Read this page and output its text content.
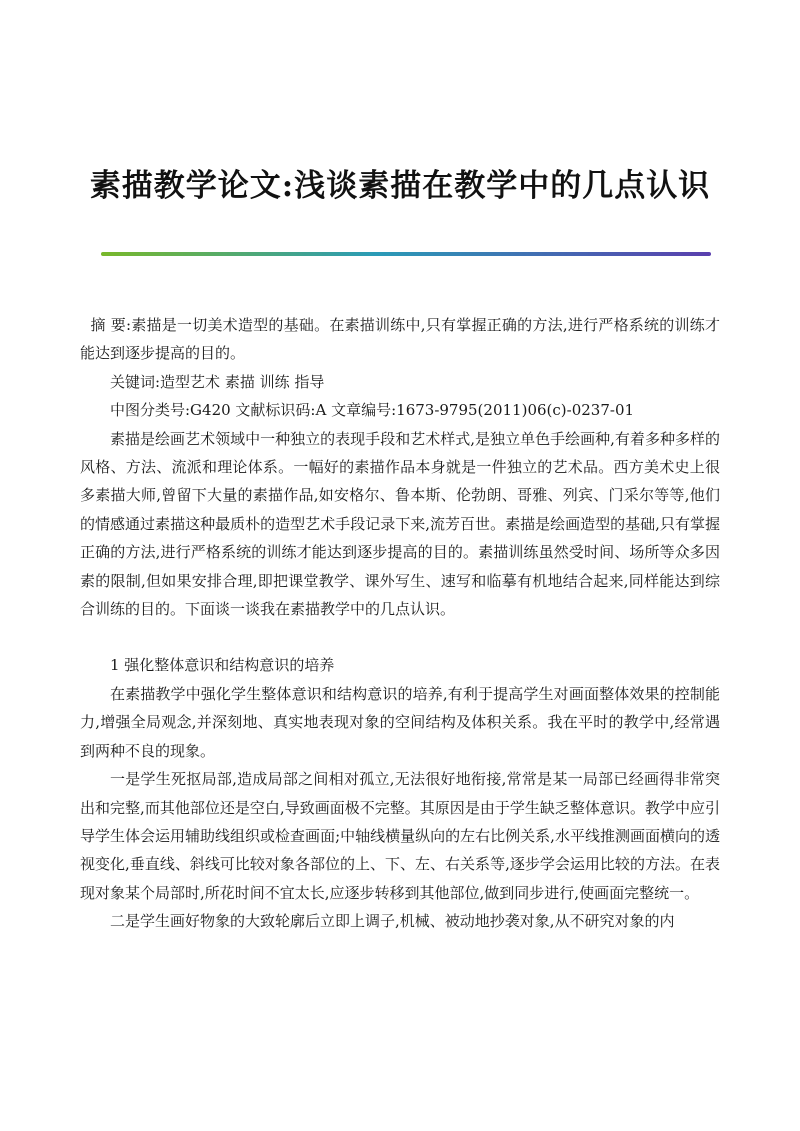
素描教学论文:浅谈素描在教学中的几点认识

摘 要:素描是一切美术造型的基础。在素描训练中,只有掌握正确的方法,进行严格系统的训练才能达到逐步提高的目的。

关键词:造型艺术 素描 训练 指导

中图分类号:G420 文献标识码:A 文章编号:1673-9795(2011)06(c)-0237-01

素描是绘画艺术领域中一种独立的表现手段和艺术样式,是独立单色手绘画种,有着多种多样的风格、方法、流派和理论体系。一幅好的素描作品本身就是一件独立的艺术品。西方美术史上很多素描大师,曾留下大量的素描作品,如安格尔、鲁本斯、伦勃朗、哥雅、列宾、门采尔等等,他们的情感通过素描这种最质朴的造型艺术手段记录下来,流芳百世。素描是绘画造型的基础,只有掌握正确的方法,进行严格系统的训练才能达到逐步提高的目的。素描训练虽然受时间、场所等众多因素的限制,但如果安排合理,即把课堂教学、课外写生、速写和临摹有机地结合起来,同样能达到综合训练的目的。下面谈一谈我在素描教学中的几点认识。

1 强化整体意识和结构意识的培养

在素描教学中强化学生整体意识和结构意识的培养,有利于提高学生对画面整体效果的控制能力,增强全局观念,并深刻地、真实地表现对象的空间结构及体积关系。我在平时的教学中,经常遇到两种不良的现象。

一是学生死抠局部,造成局部之间相对孤立,无法很好地衔接,常常是某一局部已经画得非常突出和完整,而其他部位还是空白,导致画面极不完整。其原因是由于学生缺乏整体意识。教学中应引导学生体会运用辅助线组织或检查画面;中轴线横量纵向的左右比例关系,水平线推测画面横向的透视变化,垂直线、斜线可比较对象各部位的上、下、左、右关系等,逐步学会运用比较的方法。在表现对象某个局部时,所花时间不宜太长,应逐步转移到其他部位,做到同步进行,使画面完整统一。

二是学生画好物象的大致轮廓后立即上调子,机械、被动地抄袭对象,从不研究对象的内
